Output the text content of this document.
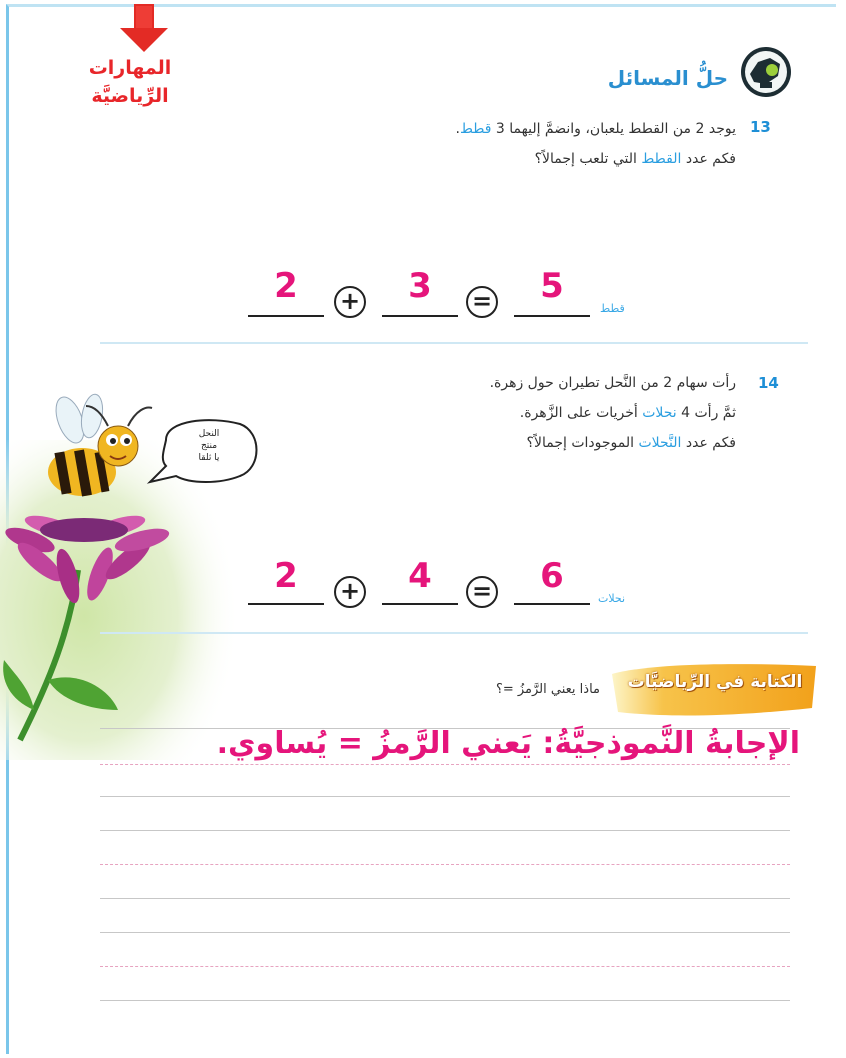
المهارات
الرِّياضيَّة
حلُّ المسائل
13
يوجد 2 من القطط يلعبان، وانضمَّ إليهما 3 قطط.
فكم عدد القطط التي تلعب إجمالاً؟
2	+	3	=	5
قطط
النحل
منتج
يا ثلقا
14
رأت سهام 2 من النَّحل تطيران حول زهرة.
ثمَّ رأت 4 نحلات أخريات على الزَّهرة.
فكم عدد النَّحلات الموجودات إجمالاً؟
2	+	4	=	6
نحلات
الكتابة في الرِّياضيَّات
ماذا يعني الرَّمزُ =؟
الإجابةُ النَّموذجيَّةُ: يَعني الرَّمزُ = يُساوي.
